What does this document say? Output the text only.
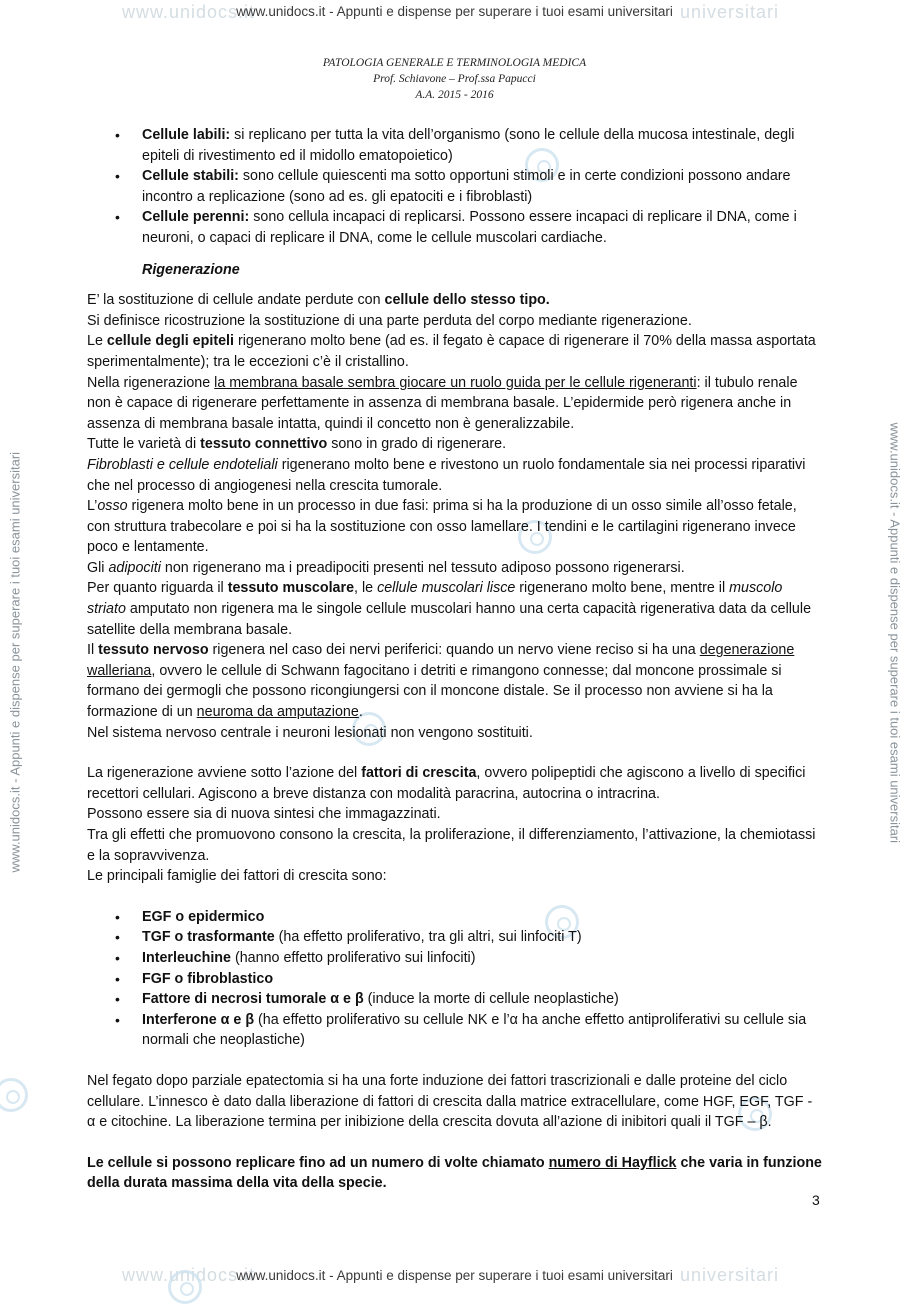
www.unidocs.it	universitari
www.unidocs.it - Appunti e dispense per superare i tuoi esami universitari
www.unidocs.it	universitari
www.unidocs.it - Appunti e dispense per superare i tuoi esami universitari
www.unidocs.it - Appunti e dispense per superare i tuoi esami universitari	www.unidocs.it - Appunti e dispense per superare i tuoi esami universitari
PATOLOGIA GENERALE E TERMINOLOGIA MEDICA
Prof. Schiavone – Prof.ssa Papucci
A.A. 2015 - 2016
• Cellule labili: si replicano per tutta la vita dell’organismo (sono le cellule della mucosa intestinale, degli epiteli di rivestimento ed il midollo ematopoietico)
• Cellule stabili: sono cellule quiescenti ma sotto opportuni stimoli e in certe condizioni possono andare incontro a replicazione (sono ad es. gli epatociti e i fibroblasti)
• Cellule perenni: sono cellula incapaci di replicarsi. Possono essere incapaci di replicare il DNA, come i neuroni, o capaci di replicare il DNA, come le cellule muscolari cardiache.
Rigenerazione

E’ la sostituzione di cellule andate perdute con cellule dello stesso tipo.

Si definisce ricostruzione la sostituzione di una parte perduta del corpo mediante rigenerazione.

Le cellule degli epiteli rigenerano molto bene (ad es. il fegato è capace di rigenerare il 70% della massa asportata sperimentalmente); tra le eccezioni c’è il cristallino.

Nella rigenerazione la membrana basale sembra giocare un ruolo guida per le cellule rigeneranti: il tubulo renale non è capace di rigenerare perfettamente in assenza di membrana basale. L’epidermide però rigenera anche in assenza di membrana basale intatta, quindi il concetto non è generalizzabile.

Tutte le varietà di tessuto connettivo sono in grado di rigenerare.

Fibroblasti e cellule endoteliali rigenerano molto bene e rivestono un ruolo fondamentale sia nei processi riparativi che nel processo di angiogenesi nella crescita tumorale.

L’osso rigenera molto bene in un processo in due fasi: prima si ha la produzione di un osso simile all’osso fetale, con struttura trabecolare e poi si ha la sostituzione con osso lamellare. I tendini e le cartilagini rigenerano invece poco e lentamente.

Gli adipociti non rigenerano ma i preadipociti presenti nel tessuto adiposo possono rigenerarsi.

Per quanto riguarda il tessuto muscolare, le cellule muscolari lisce rigenerano molto bene, mentre il muscolo striato amputato non rigenera ma le singole cellule muscolari hanno una certa capacità rigenerativa data da cellule satellite della membrana basale.

Il tessuto nervoso rigenera nel caso dei nervi periferici: quando un nervo viene reciso si ha una degenerazione walleriana, ovvero le cellule di Schwann fagocitano i detriti e rimangono connesse; dal moncone prossimale si formano dei germogli che possono ricongiungersi con il moncone distale. Se il processo non avviene si ha la formazione di un neuroma da amputazione.

Nel sistema nervoso centrale i neuroni lesionati non vengono sostituiti.

La rigenerazione avviene sotto l’azione del fattori di crescita, ovvero polipeptidi che agiscono a livello di specifici recettori cellulari. Agiscono a breve distanza con modalità paracrina, autocrina o intracrina.

Possono essere sia di nuova sintesi che immagazzinati.

Tra gli effetti che promuovono consono la crescita, la proliferazione, il differenziamento, l’attivazione, la chemiotassi e la sopravvivenza.

Le principali famiglie dei fattori di crescita sono:

• EGF o epidermico
• TGF o trasformante (ha effetto proliferativo, tra gli altri, sui linfociti T)
• Interleuchine (hanno effetto proliferativo sui linfociti)
• FGF o fibroblastico
• Fattore di necrosi tumorale α e β (induce la morte di cellule neoplastiche)
• Interferone α e β (ha effetto proliferativo su cellule NK e l’α ha anche effetto antiproliferativi su cellule sia normali che neoplastiche)

Nel fegato dopo parziale epatectomia si ha una forte induzione dei fattori trascrizionali e dalle proteine del ciclo cellulare. L’innesco è dato dalla liberazione di fattori di crescita dalla matrice extracellulare, come HGF, EGF, TGF - α e citochine. La liberazione termina per inibizione della crescita dovuta all’azione di inibitori quali il TGF – β.

Le cellule si possono replicare fino ad un numero di volte chiamato numero di Hayflick che varia in funzione della durata massima della vita della specie.

3
